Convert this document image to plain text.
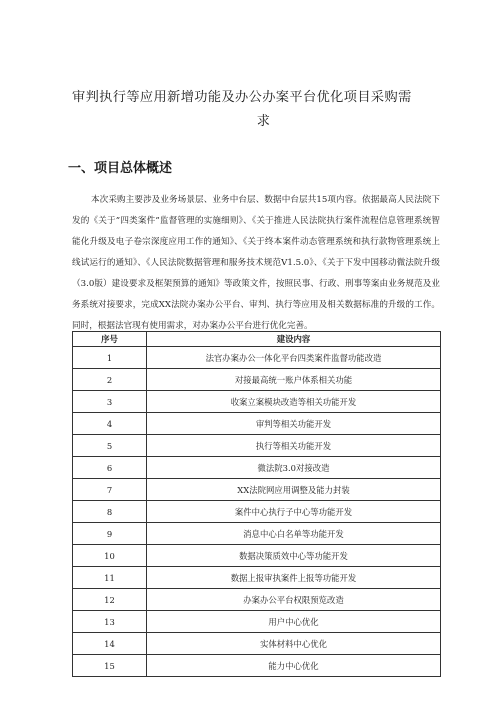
审判执行等应用新增功能及办公办案平台优化项目采购需
求
一、项目总体概述

本次采购主要涉及业务场景层、业务中台层、数据中台层共15项内容。依据最高人民法院下发的《关于”四类案件”监督管理的实施细则》、《关于推进人民法院执行案件流程信息管理系统智能化升级及电子卷宗深度应用工作的通知》、《关于终本案件动态管理系统和执行款物管理系统上线试运行的通知》、《人民法院数据管理和服务技术规范V1.5.0》、《关于下发中国移动微法院升级（3.0版）建设要求及框架预算的通知》等政策文件，按照民事、行政、刑事等案由业务规范及业务系统对接要求，完成XX法院办案办公平台、审判、执行等应用及相关数据标准的升级的工作。同时，根据法官现有使用需求，对办案办公平台进行优化完善。

序号	建设内容
1	法官办案办公一体化平台四类案件监督功能改造
2	对接最高统一账户体系相关功能
3	收案立案模块改造等相关功能开发
4	审判等相关功能开发
5	执行等相关功能开发
6	微法院3.0对接改造
7	XX法院网应用调整及能力封装
8	案件中心执行子中心等功能开发
9	消息中心白名单等功能开发
10	数据决策质效中心等功能开发
11	数据上报审执案件上报等功能开发
12	办案办公平台权限预览改造
13	用户中心优化
14	实体材料中心优化
15	能力中心优化
